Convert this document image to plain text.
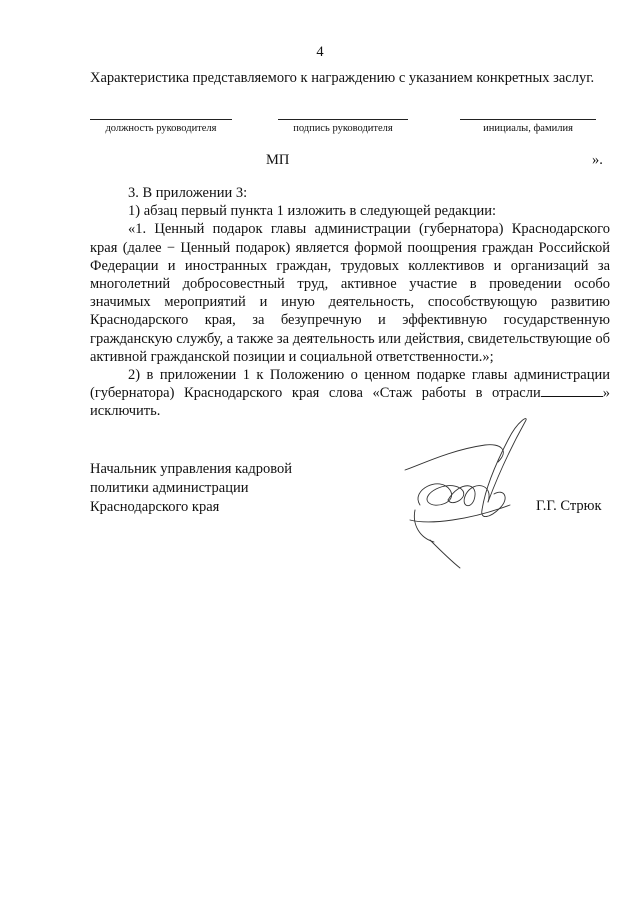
4
Характеристика представляемого к награждению с указанием конкретных заслуг.
должность руководителя	подпись руководителя	инициалы, фамилия
МП	».

3. В приложении 3:

1) абзац первый пункта 1 изложить в следующей редакции:

«1. Ценный подарок главы администрации (губернатора) Краснодарского края (далее − Ценный подарок) является формой поощрения граждан Российской Федерации и иностранных граждан, трудовых коллективов и организаций за многолетний добросовестный труд, активное участие в проведении особо значимых мероприятий и иную деятельность, способствующую развитию Краснодарского края, за безупречную и эффективную государственную гражданскую службу, а также за деятельность или действия, свидетельствующие об активной гражданской позиции и социальной ответственности.»;

2) в приложении 1 к Положению о ценном подарке главы администрации (губернатора) Краснодарского края слова «Стаж работы в отрасли	» исключить.

Начальник управления кадровой
политики администрации
Краснодарского края	Г.Г. Стрюк
